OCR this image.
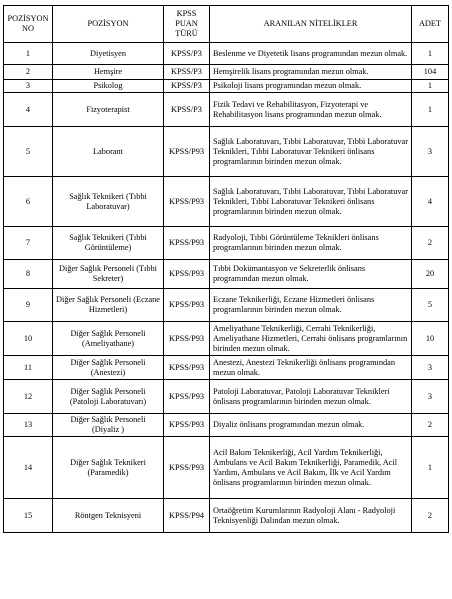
POZİSYON NO	POZİSYON	KPSS PUAN TÜRÜ	ARANILAN NİTELİKLER	ADET
1	Diyetisyen	KPSS/P3	Beslenme ve Diyetetik lisans programından mezun olmak.	1
2	Hemşire	KPSS/P3	Hemşirelik lisans programından mezun olmak.	104
3	Psikolog	KPSS/P3	Psikoloji lisans programından mezun olmak.	1
4	Fizyoterapist	KPSS/P3	Fizik Tedavi ve Rehabilitasyon, Fizyoterapi ve Rehabilitasyon lisans programından mezun olmak.	1
5	Laborant	KPSS/P93	Sağlık Laboratuvarı, Tıbbi Laboratuvar, Tıbbi Laboratuvar Teknikleri, Tıbbi Laboratuvar Teknikeri önlisans programlarının birinden mezun olmak.	3
6	Sağlık Teknikeri (Tıbbi Laboratuvar)	KPSS/P93	Sağlık Laboratuvarı, Tıbbi Laboratuvar, Tıbbi Laboratuvar Teknikleri, Tıbbi Laboratuvar Teknikeri önlisans programlarının birinden mezun olmak.	4
7	Sağlık Teknikeri (Tıbbi Görüntüleme)	KPSS/P93	Radyoloji, Tıbbi Görüntüleme Teknikleri önlisans programlarının birinden mezun olmak.	2
8	Diğer Sağlık Personeli (Tıbbi Sekreter)	KPSS/P93	Tıbbi Dokümantasyon ve Sekreterlik önlisans programından mezun olmak.	20
9	Diğer Sağlık Personeli (Eczane Hizmetleri)	KPSS/P93	Eczane Teknikerliği, Eczane Hizmetleri önlisans programlarının birinden mezun olmak.	5
10	Diğer Sağlık Personeli (Ameliyathane)	KPSS/P93	Ameliyathane Teknikerliği, Cerrahi Teknikerliği, Ameliyathane Hizmetleri, Cerrahi önlisans programlarının birinden mezun olmak.	10
11	Diğer Sağlık Personeli (Anestezi)	KPSS/P93	Anestezi, Anestezi Teknikerliği önlisans programından mezun olmak.	3
12	Diğer Sağlık Personeli (Patoloji Laboratuvarı)	KPSS/P93	Patoloji Laboratuvar, Patoloji Laboratuvar Teknikleri önlisans programlarının birinden mezun olmak.	3
13	Diğer Sağlık Personeli (Diyaliz )	KPSS/P93	Diyaliz önlisans programından mezun olmak.	2
14	Diğer Sağlık Teknikeri (Paramedik)	KPSS/P93	Acil Bakım Teknikerliği, Acil Yardım Teknikerliği, Ambulans ve Acil Bakım Teknikerliği, Paramedik, Acil Yardım, Ambulans ve Acil Bakım, İlk ve Acil Yardım önlisans programlarının birinden mezun olmak.	1
15	Röntgen Teknisyeni	KPSS/P94	Ortaöğretim Kurumlarının Radyoloji Alanı - Radyoloji Teknisyenliği Dalından mezun olmak.	2
